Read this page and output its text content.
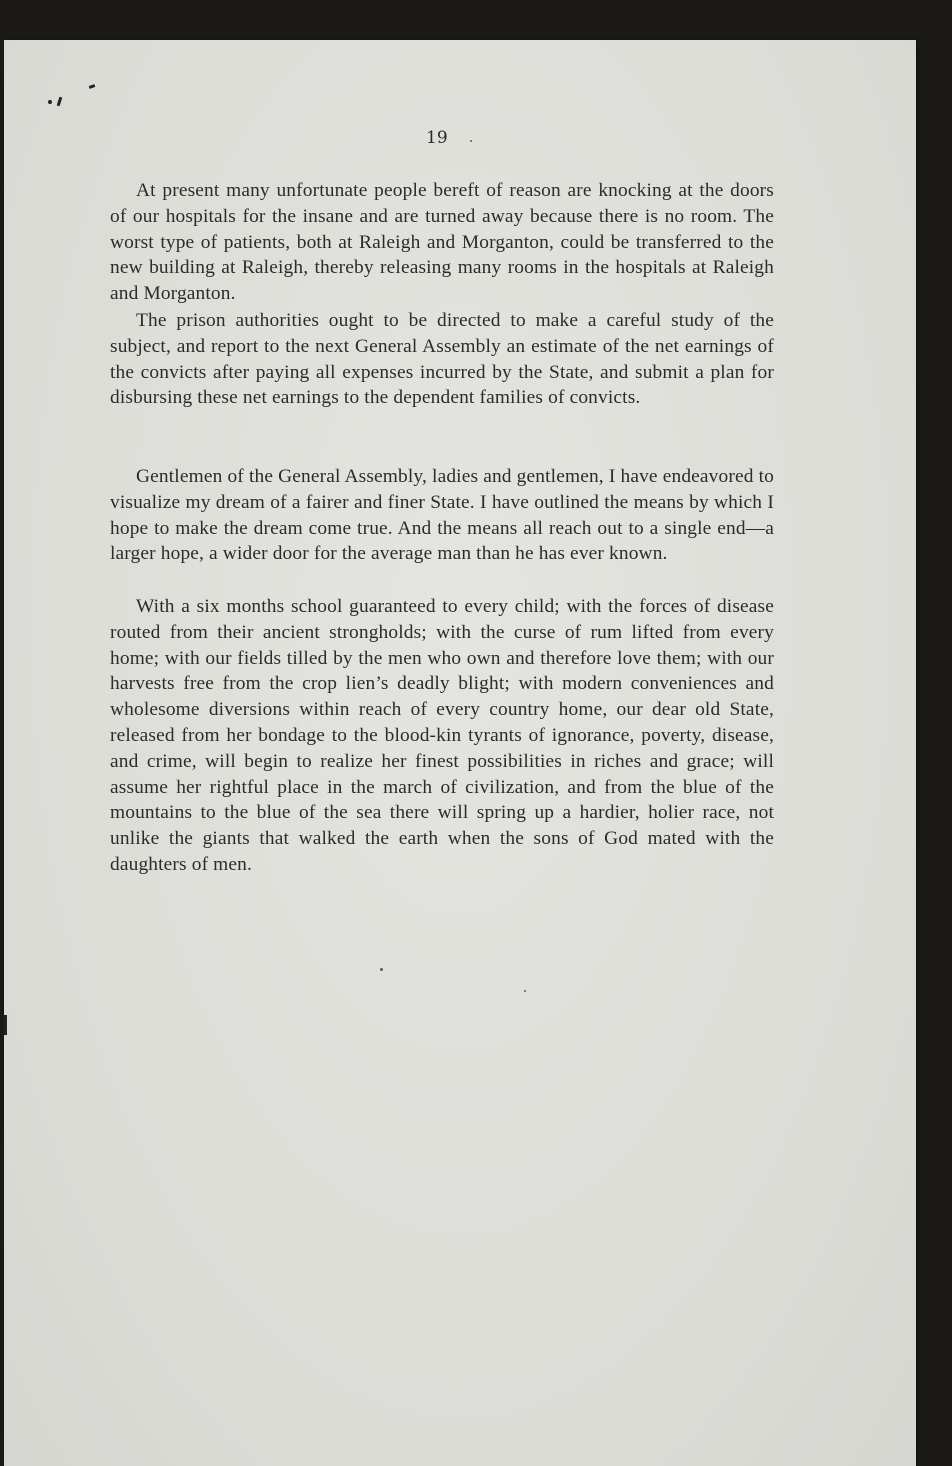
19

At present many unfortunate people bereft of reason are knocking at the doors of our hospitals for the insane and are turned away because there is no room. The worst type of patients, both at Raleigh and Morganton, could be transferred to the new building at Raleigh, thereby releasing many rooms in the hospitals at Raleigh and Morganton.

The prison authorities ought to be directed to make a careful study of the subject, and report to the next General Assembly an estimate of the net earnings of the convicts after paying all expenses incurred by the State, and submit a plan for disbursing these net earnings to the dependent families of convicts.

Gentlemen of the General Assembly, ladies and gentlemen, I have endeavored to visualize my dream of a fairer and finer State. I have outlined the means by which I hope to make the dream come true. And the means all reach out to a single end—a larger hope, a wider door for the average man than he has ever known.

With a six months school guaranteed to every child; with the forces of disease routed from their ancient strongholds; with the curse of rum lifted from every home; with our fields tilled by the men who own and therefore love them; with our harvests free from the crop lien’s deadly blight; with modern conveniences and wholesome diversions within reach of every country home, our dear old State, released from her bondage to the blood-kin tyrants of ignorance, poverty, disease, and crime, will begin to realize her finest possibilities in riches and grace; will assume her rightful place in the march of civilization, and from the blue of the mountains to the blue of the sea there will spring up a hardier, holier race, not unlike the giants that walked the earth when the sons of God mated with the daughters of men.
